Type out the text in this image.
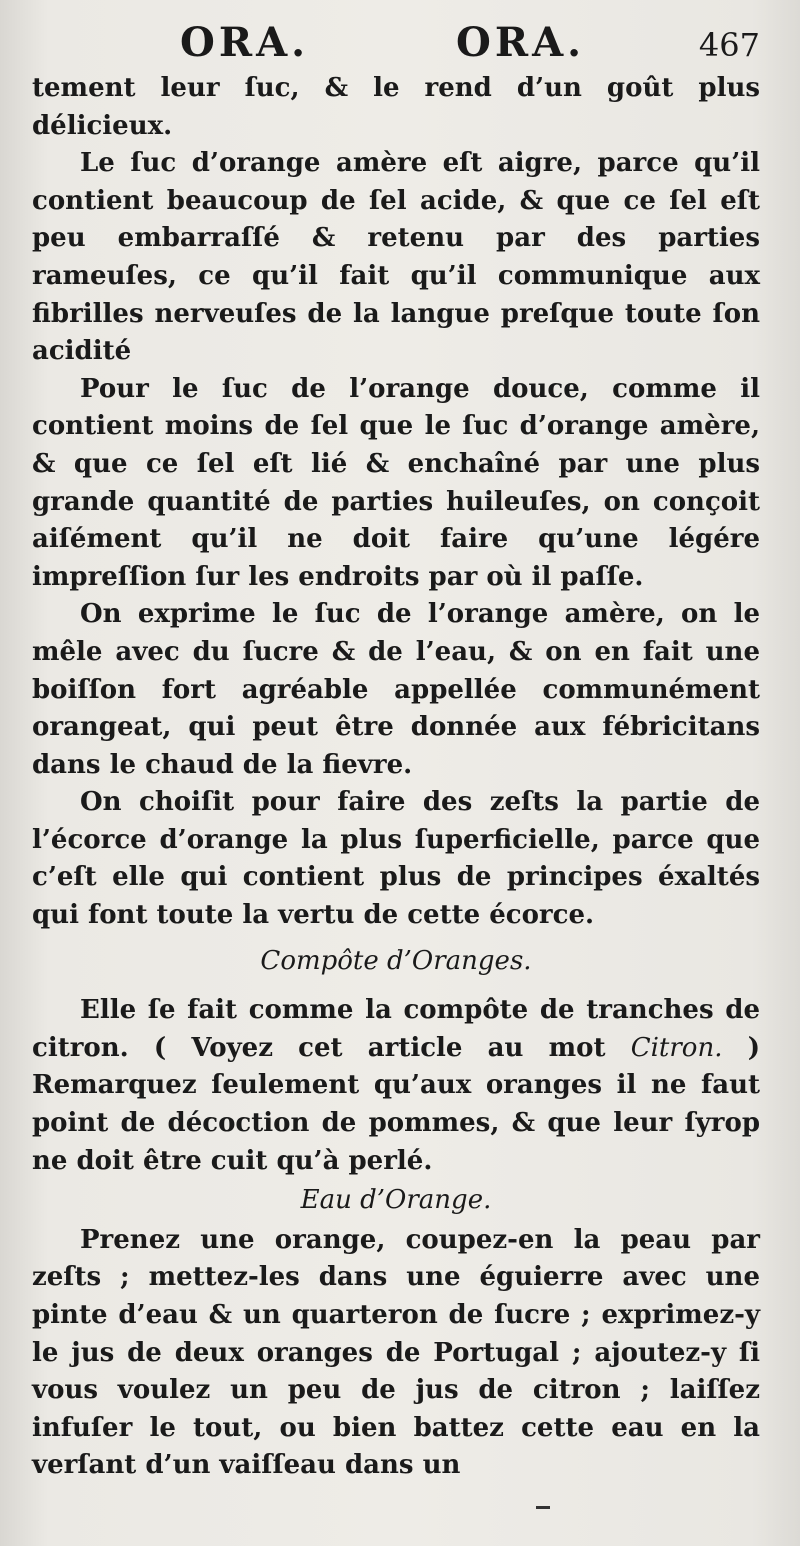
ORA.	ORA.	467

tement leur ſuc, & le rend d’un goût plus délicieux.

Le ſuc d’orange amère eſt aigre, parce qu’il contient beaucoup de ſel acide, & que ce ſel eſt peu embarraſſé & retenu par des parties rameuſes, ce qu’il fait qu’il communique aux fibrilles nerveuſes de la langue preſque toute ſon acidité

Pour le ſuc de l’orange douce, comme il contient moins de ſel que le ſuc d’orange amère, & que ce ſel eſt lié & enchaîné par une plus grande quantité de parties huileuſes, on conçoit aiſément qu’il ne doit faire qu’une légére impreſſion ſur les endroits par où il paſſe.

On exprime le ſuc de l’orange amère, on le mêle avec du ſucre & de l’eau, & on en fait une boiſſon fort agréable appellée communément orangeat, qui peut être donnée aux fébricitans dans le chaud de la fievre.

On choiſit pour faire des zeſts la partie de l’écorce d’orange la plus ſuperficielle, parce que c’eſt elle qui contient plus de principes éxaltés qui font toute la vertu de cette écorce.

Compôte d’Oranges.

Elle ſe fait comme la compôte de tranches de citron. ( Voyez cet article au mot Citron. ) Remarquez ſeulement qu’aux oranges il ne faut point de décoction de pommes, & que leur ſyrop ne doit être cuit qu’à perlé.

Eau d’Orange.

Prenez une orange, coupez-en la peau par zeſts ; mettez-les dans une éguierre avec une pinte d’eau & un quarteron de ſucre ; exprimez-y le jus de deux oranges de Portugal ; ajoutez-y ſi vous voulez un peu de jus de citron ; laiſſez infuſer le tout, ou bien battez cette eau en la verſant d’un vaiſſeau dans un
